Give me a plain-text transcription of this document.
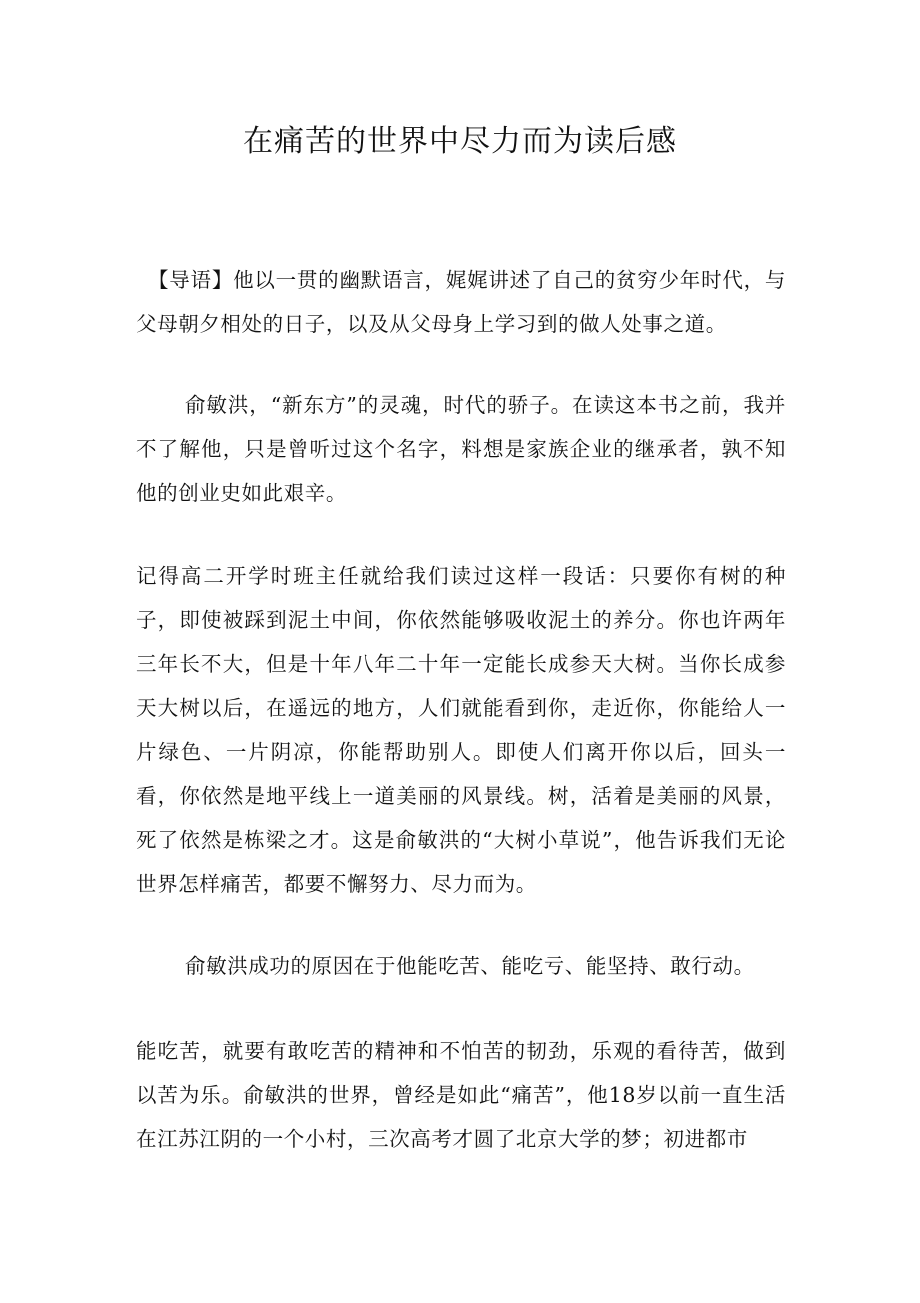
在痛苦的世界中尽力而为读后感

【导语】他以一贯的幽默语言，娓娓讲述了自己的贫穷少年时代，与父母朝夕相处的日子，以及从父母身上学习到的做人处事之道。

俞敏洪，“新东方”的灵魂，时代的骄子。在读这本书之前，我并不了解他，只是曾听过这个名字，料想是家族企业的继承者，孰不知他的创业史如此艰辛。

记得高二开学时班主任就给我们读过这样一段话：只要你有树的种子，即使被踩到泥土中间，你依然能够吸收泥土的养分。你也许两年三年长不大，但是十年八年二十年一定能长成参天大树。当你长成参天大树以后，在遥远的地方，人们就能看到你，走近你，你能给人一片绿色、一片阴凉，你能帮助别人。即使人们离开你以后，回头一看，你依然是地平线上一道美丽的风景线。树，活着是美丽的风景，死了依然是栋梁之才。这是俞敏洪的“大树小草说”，他告诉我们无论世界怎样痛苦，都要不懈努力、尽力而为。

俞敏洪成功的原因在于他能吃苦、能吃亏、能坚持、敢行动。

能吃苦，就要有敢吃苦的精神和不怕苦的韧劲，乐观的看待苦，做到以苦为乐。俞敏洪的世界，曾经是如此“痛苦”，他18岁以前一直生活在江苏江阴的一个小村，三次高考才圆了北京大学的梦；初进都市
